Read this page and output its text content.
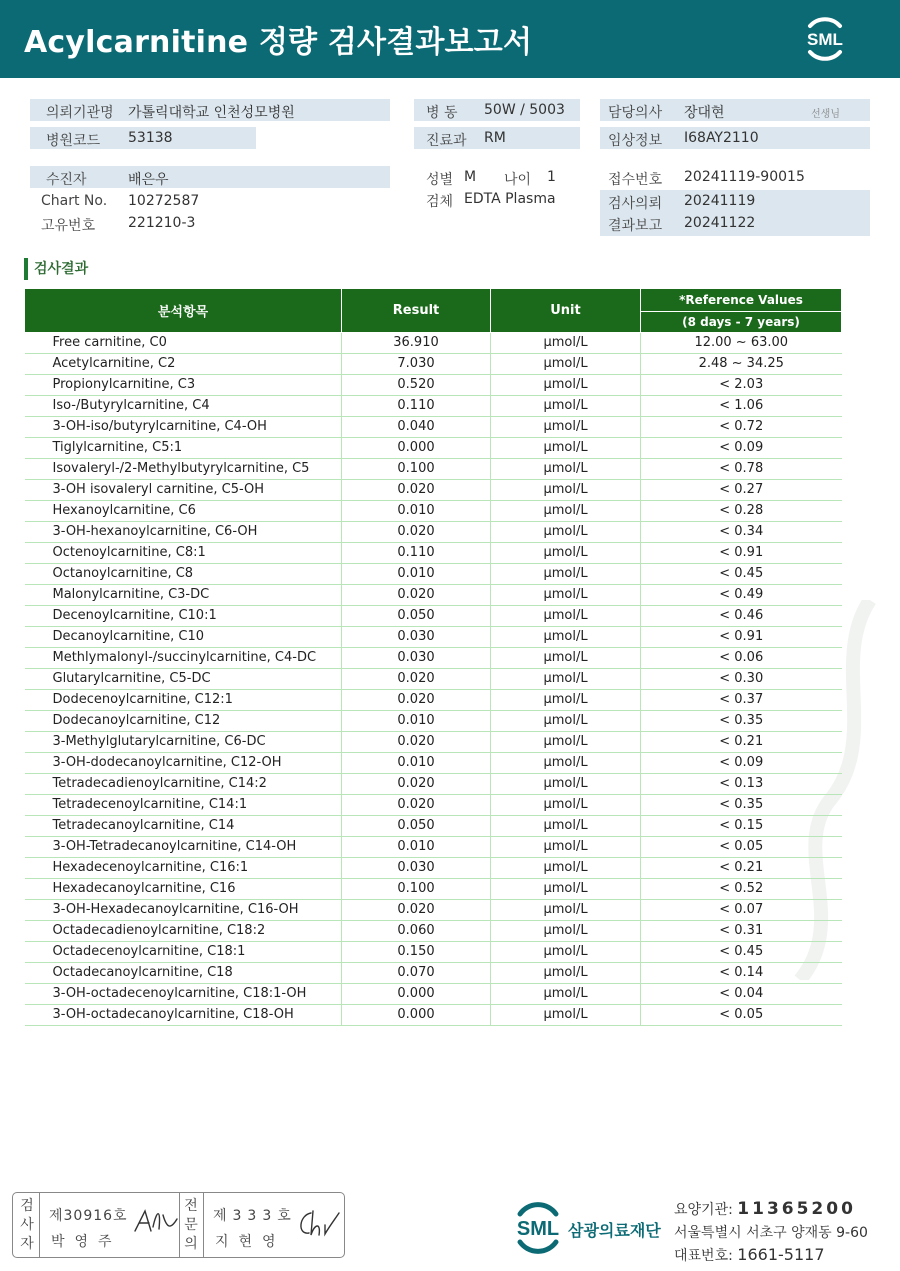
Acylcarnitine 정량 검사결과보고서	SML
의뢰기관명 가톨릭대학교 인천성모병원
병원코드 53138
병 동 50W / 5003
진료과 RM
담당의사 장대현	선생님
임상정보 I68AY2110
수진자	배은우
Chart No. 10272587
고유번호 221210-3
성별 M 나이 1
검체 EDTA Plasma
접수번호 20241119-90015
검사의뢰 20241119
결과보고 20241122
검사결과
분석항목	Result	Unit	*Reference Values
			(8 days - 7 years)
Free carnitine, C0	36.910	μmol/L	12.00 ~ 63.00
Acetylcarnitine, C2	7.030	μmol/L	2.48 ~ 34.25
Propionylcarnitine, C3	0.520	μmol/L	< 2.03
Iso-/Butyrylcarnitine, C4	0.110	μmol/L	< 1.06
3-OH-iso/butyrylcarnitine, C4-OH	0.040	μmol/L	< 0.72
Tiglylcarnitine, C5:1	0.000	μmol/L	< 0.09
Isovaleryl-/2-Methylbutyrylcarnitine, C5	0.100	μmol/L	< 0.78
3-OH isovaleryl carnitine, C5-OH	0.020	μmol/L	< 0.27
Hexanoylcarnitine, C6	0.010	μmol/L	< 0.28
3-OH-hexanoylcarnitine, C6-OH	0.020	μmol/L	< 0.34
Octenoylcarnitine, C8:1	0.110	μmol/L	< 0.91
Octanoylcarnitine, C8	0.010	μmol/L	< 0.45
Malonylcarnitine, C3-DC	0.020	μmol/L	< 0.49
Decenoylcarnitine, C10:1	0.050	μmol/L	< 0.46
Decanoylcarnitine, C10	0.030	μmol/L	< 0.91
Methlymalonyl-/succinylcarnitine, C4-DC	0.030	μmol/L	< 0.06
Glutarylcarnitine, C5-DC	0.020	μmol/L	< 0.30
Dodecenoylcarnitine, C12:1	0.020	μmol/L	< 0.37
Dodecanoylcarnitine, C12	0.010	μmol/L	< 0.35
3-Methylglutarylcarnitine, C6-DC	0.020	μmol/L	< 0.21
3-OH-dodecanoylcarnitine, C12-OH	0.010	μmol/L	< 0.09
Tetradecadienoylcarnitine, C14:2	0.020	μmol/L	< 0.13
Tetradecenoylcarnitine, C14:1	0.020	μmol/L	< 0.35
Tetradecanoylcarnitine, C14	0.050	μmol/L	< 0.15
3-OH-Tetradecanoylcarnitine, C14-OH	0.010	μmol/L	< 0.05
Hexadecenoylcarnitine, C16:1	0.030	μmol/L	< 0.21
Hexadecanoylcarnitine, C16	0.100	μmol/L	< 0.52
3-OH-Hexadecanoylcarnitine, C16-OH	0.020	μmol/L	< 0.07
Octadecadienoylcarnitine, C18:2	0.060	μmol/L	< 0.31
Octadecenoylcarnitine, C18:1	0.150	μmol/L	< 0.45
Octadecanoylcarnitine, C18	0.070	μmol/L	< 0.14
3-OH-octadecenoylcarnitine, C18:1-OH	0.000	μmol/L	< 0.04
3-OH-octadecanoylcarnitine, C18-OH	0.000	μmol/L	< 0.05
검
사
자
제30916호
박영주
전
문
의
제333호
지현영
SML 삼광의료재단
요양기관: 11365200
서울특별시 서초구 양재동 9-60
대표번호: 1661-5117
